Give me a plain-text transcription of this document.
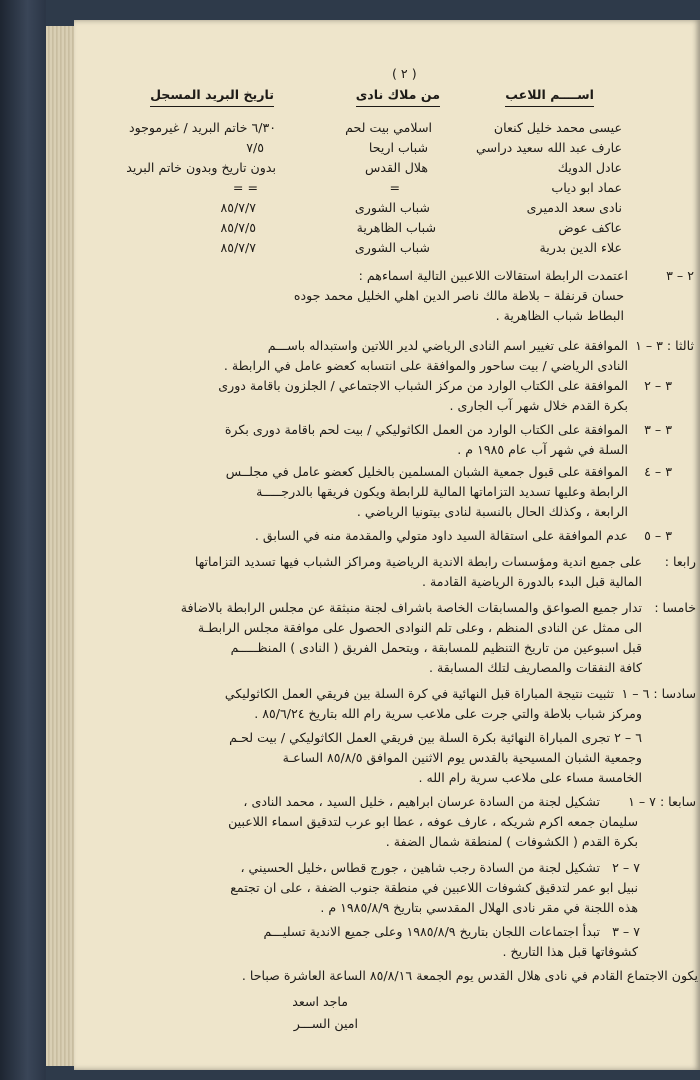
( ٢ )
اســــم اللاعب
من ملاك نادى
تاريخ البريد المسجل
عيسى محمد خليل كنعان
اسلامي بيت لحم
٦/٣٠ خاتم البريد / غيرموجود
عارف عبد الله سعيد دراسي
شباب اريحا
٧/٥
عادل الدويك
هلال القدس
بدون تاريخ وبدون خاتم البريد
عماد ابو دياب
=
= =
نادى سعد الدميرى
شباب الشورى
٨٥/٧/٧
عاكف عوض
شباب الظاهرية
٨٥/٧/٥
علاء الدين بدرية
شباب الشورى
٨٥/٧/٧
٢ – ٣
اعتمدت الرابطة استقالات اللاعبين التالية اسماءهم :
حسان قرنفلة – بلاطة مالك ناصر الدين اهلي الخليل محمد جوده
البطاط شباب الظاهرية .
ثالثا : ٣ – ١
الموافقة على تغيير اسم النادى الرياضي لدير اللاتين واستبداله باســـم
النادى الرياضي / بيت ساحور والموافقة على انتسابه كعضو عامل في الرابطة .
٣ – ٢
الموافقة على الكتاب الوارد من مركز الشباب الاجتماعي / الجلزون باقامة دورى
بكرة القدم خلال شهر آب الجارى .
٣ – ٣
الموافقة على الكتاب الوارد من العمل الكاثوليكي / بيت لحم باقامة دورى بكرة
السلة في شهر آب عام ١٩٨٥ م .
٣ – ٤
الموافقة على قبول جمعية الشبان المسلمين بالخليل كعضو عامل في مجلــس
الرابطة وعليها تسديد التزاماتها المالية للرابطة ويكون فريقها بالدرجـــــة
الرابعة ، وكذلك الحال بالنسبة لنادى بيتونيا الرياضي .
٣ – ٥
عدم الموافقة على استقالة السيد داود متولي والمقدمة منه في السابق .
رابعا :
على جميع اندية ومؤسسات رابطة الاندية الرياضية ومراكز الشباب فيها تسديد التزاماتها
المالية قبل البدء بالدورة الرياضية القادمة .
خامسا :
تدار جميع الصواعق والمسابقات الخاصة باشراف لجنة منبثقة عن مجلس الرابطة بالاضافة
الى ممثل عن النادى المنظم ، وعلى تلم النوادى الحصول على موافقة مجلس الرابطـة
قبل اسبوعين من تاريخ التنظيم للمسابقة ، ويتحمل الفريق ( النادى ) المنظـــــم
كافة النفقات والمصاريف لتلك المسابقة .
سادسا : ٦ – ١
تثبيت نتيجة المباراة قبل النهائية في كرة السلة بين فريقي العمل الكاثوليكي
ومركز شباب بلاطة والتي جرت على ملاعب سرية رام الله بتاريخ ٨٥/٦/٢٤ .
٦ – ٢
تجرى المباراة النهائية بكرة السلة بين فريقي العمل الكاثوليكي / بيت لحـم
وجمعية الشبان المسيحية بالقدس يوم الاثنين الموافق ٨٥/٨/٥ الساعـة
الخامسة مساء على ملاعب سرية رام الله .
سابعا : ٧ – ١
تشكيل لجنة من السادة عرسان ابراهيم ، خليل السيد ، محمد النادى ،
سليمان جمعه اكرم شريكه ، عارف عوفه ، عطا ابو عرب لتدقيق اسماء اللاعبين
بكرة القدم ( الكشوفات ) لمنطقة شمال الضفة .
٧ – ٢
تشكيل لجنة من السادة رجب شاهين ، جورج قطاس ،خليل الحسيني ،
نبيل ابو عمر لتدقيق كشوفات اللاعبين في منطقة جنوب الضفة ، على ان تجتمع
هذه اللجنة في مقر نادى الهلال المقدسي بتاريخ ١٩٨٥/٨/٩ م .
٧ – ٣
تبدأ اجتماعات اللجان بتاريخ ١٩٨٥/٨/٩ وعلى جميع الاندية تسليـــم
كشوفاتها قبل هذا التاريخ .
يكون الاجتماع القادم في نادى هلال القدس يوم الجمعة ٨٥/٨/١٦ الساعة العاشرة صباحا .
ماجد اسعد
امين الســـر
